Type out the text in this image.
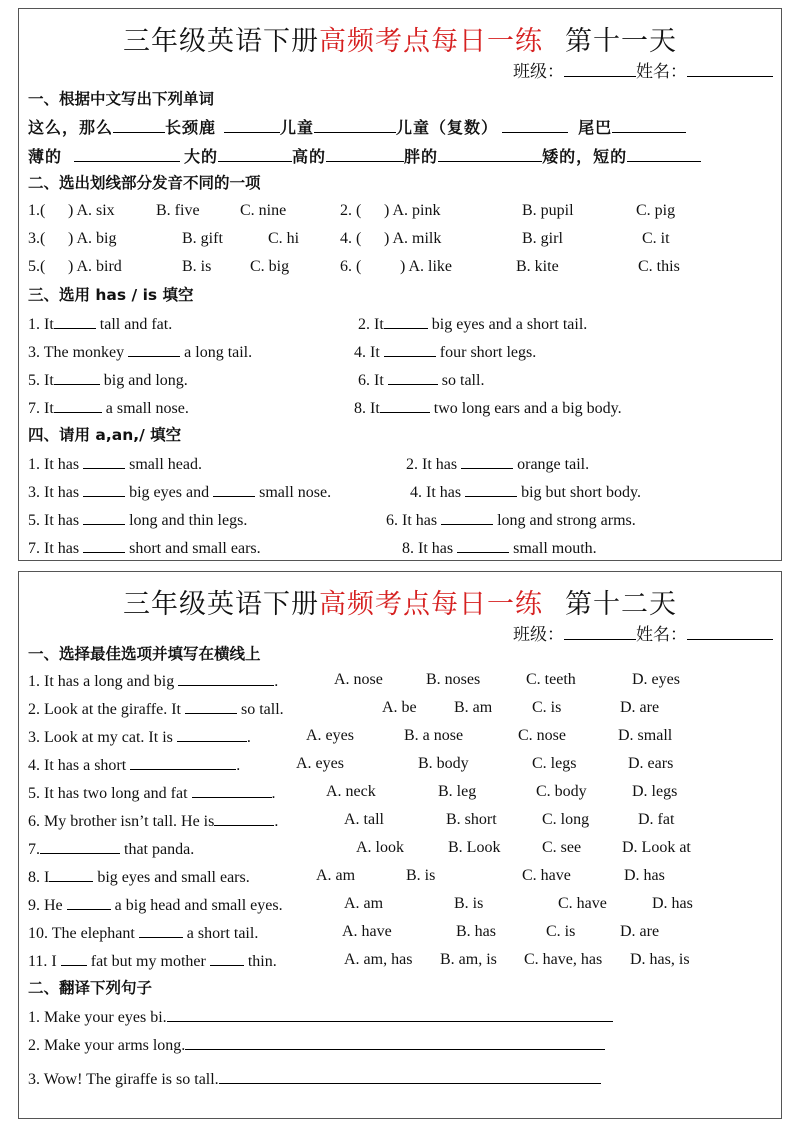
三年级英语下册高频考点每日一练 第十一天
班级：	姓名：
一、根据中文写出下列单词
这么，那么	长颈鹿	儿童	儿童（复数）	尾巴
薄的	大的	高的	胖的	矮的，短的
二、选出划线部分发音不同的一项
1.( ) A. six	B. five	C. nine	2. ( ) A. pink	B. pupil	C. pig
3.( ) A. big	B. gift	C. hi	4. ( ) A. milk	B. girl	C. it
5.( ) A. bird	B. is C. big	6. ( ) A. like	B. kite	C. this
三、选用 has / is 填空
1. It	tall and fat.	2. It	big eyes and a short tail.
3. The monkey	a long tail.	4. It	four short legs.
5. It	big and long.	6. It	so tall.
7. It	a small nose.	8. It	two long ears and a big body.
四、请用 a,an,/ 填空
1. It has	small head.	2. It has	orange tail.
3. It has	big eyes and	small nose.	4. It has	big but short body.
5. It has	long and thin legs.	6. It has	long and strong arms.
7. It has	short and small ears.	8. It has	small mouth.
三年级英语下册高频考点每日一练 第十二天
班级：	姓名：
一、选择最佳选项并填写在横线上
1. It has a long and big	.	A. nose	B. noses	C. teeth	D. eyes
2. Look at the giraffe. It	so tall.	A. be B. am C. is	D. are
3. Look at my cat. It is	.	A. eyes	B. a nose	C. nose	D. small
4. It has a short	.	A. eyes	B. body	C. legs	D. ears
5. It has two long and fat	.	A. neck	B. leg	C. body	D. legs
6. My brother isn’t tall. He is	.	A. tall	B. short	C. long	D. fat
7.	that panda.	A. look	B. Look	C. see	D. Look at
8. I	big eyes and small ears.	A. am	B. is	C. have	D. has
9. He	a big head and small eyes.	A. am	B. is	C. have	D. has
10. The elephant	a short tail.	A. have	B. has	C. is	D. are
11. I fat but my mother	thin.	A. am, has B. am, is C. have, has D. has, is
二、翻译下列句子
1. Make your eyes bi.
2. Make your arms long.
3. Wow! The giraffe is so tall.
